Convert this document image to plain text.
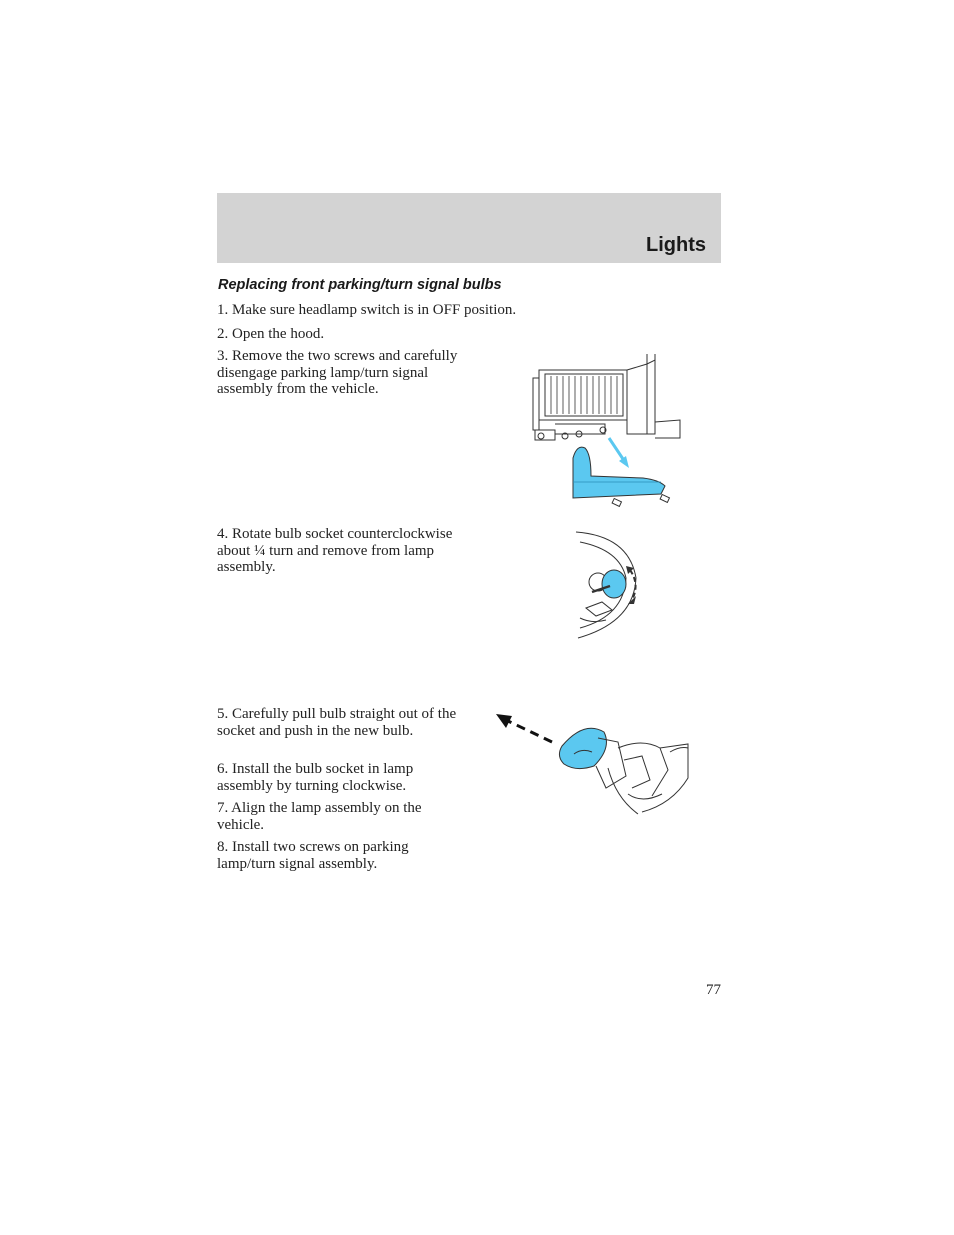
Lights
Replacing front parking/turn signal bulbs
1. Make sure headlamp switch is in OFF position.
2. Open the hood.
3. Remove the two screws and carefully disengage parking lamp/turn signal assembly from the vehicle.
4. Rotate bulb socket counterclockwise about ¼ turn and remove from lamp assembly.
5. Carefully pull bulb straight out of the socket and push in the new bulb.
6. Install the bulb socket in lamp assembly by turning clockwise.
7. Align the lamp assembly on the vehicle.
8. Install two screws on parking lamp/turn signal assembly.
77
